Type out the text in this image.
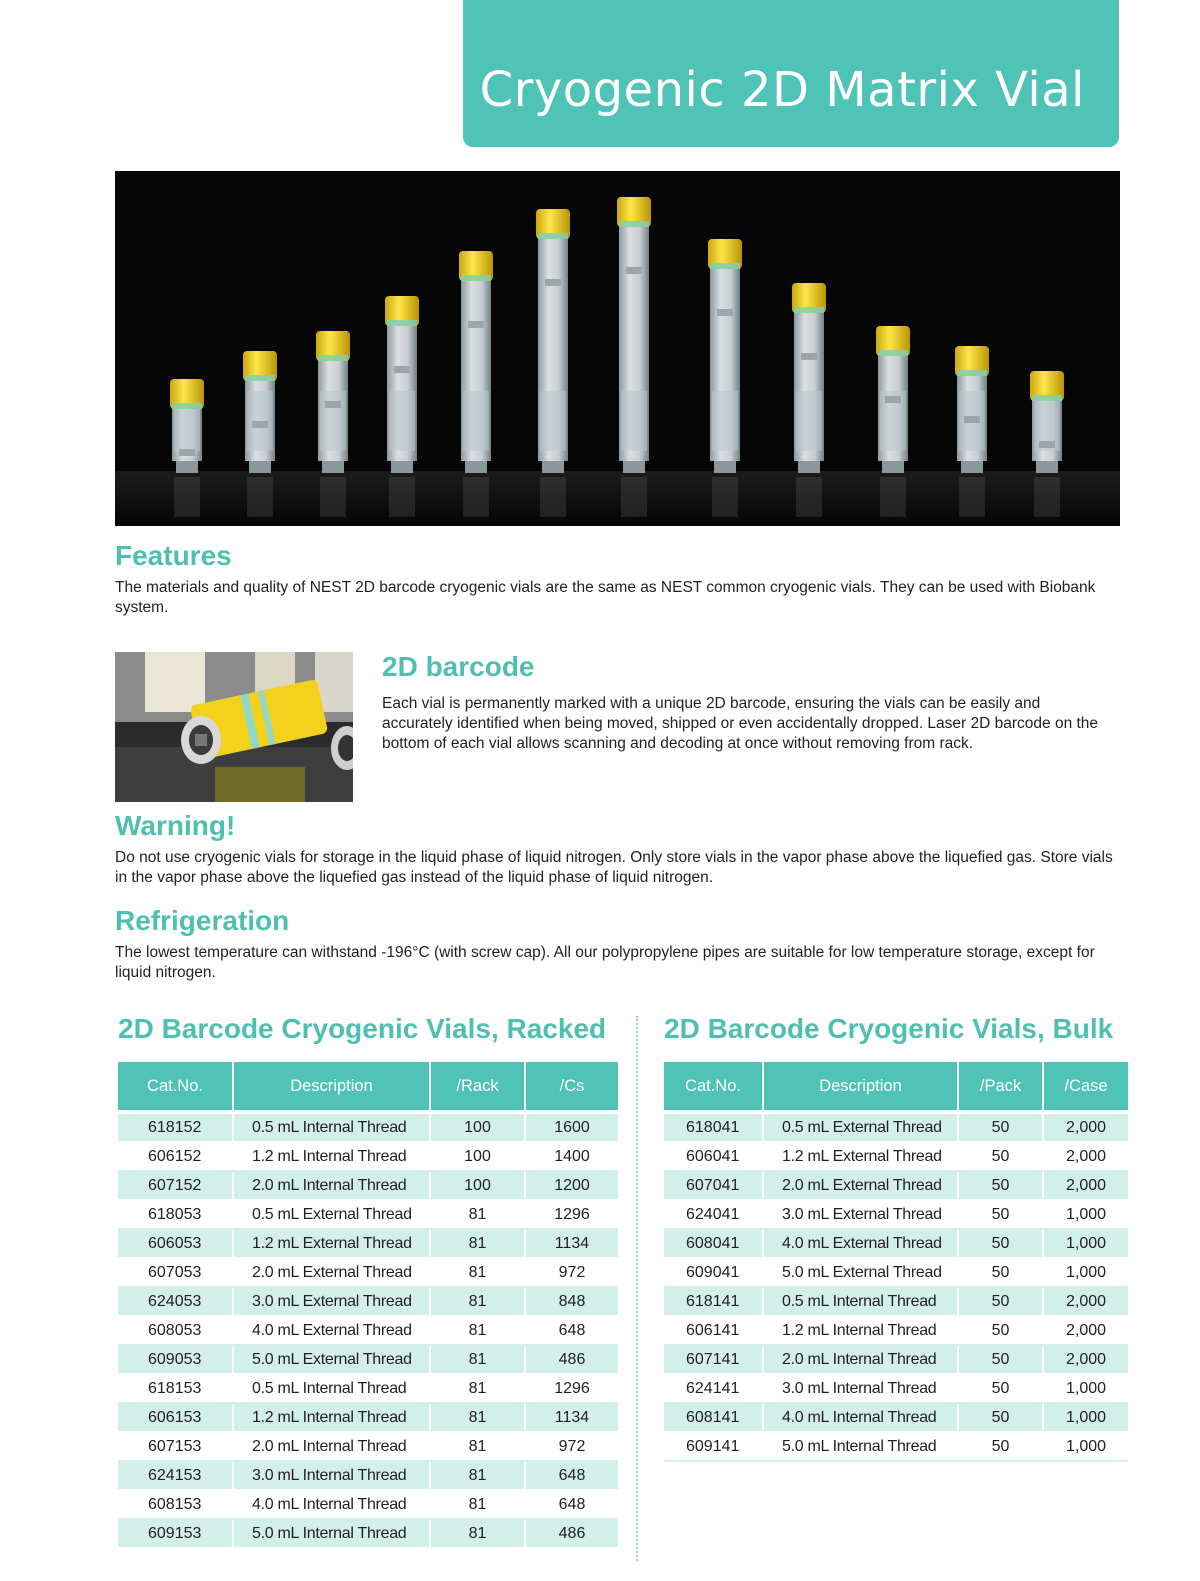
Cryogenic 2D Matrix Vial
Features

The materials and quality of NEST 2D barcode cryogenic vials are the same as NEST common cryogenic vials. They can be used with Biobank system.

2D barcode

Each vial is permanently marked with a unique 2D barcode, ensuring the vials can be easily and accurately identified when being moved, shipped or even accidentally dropped. Laser 2D barcode on the bottom of each vial allows scanning and decoding at once without removing from rack.

Warning!

Do not use cryogenic vials for storage in the liquid phase of liquid nitrogen. Only store vials in the vapor phase above the liquefied gas. Store vials in the vapor phase above the liquefied gas instead of the liquid phase of liquid nitrogen.

Refrigeration

The lowest temperature can withstand -196°C (with screw cap). All our polypropylene pipes are suitable for low temperature storage, except for liquid nitrogen.

2D Barcode Cryogenic Vials, Racked 2D Barcode Cryogenic Vials, Bulk
Cat.No.	Description	/Rack	/Cs

618152	0.5 mL Internal Thread	100	1600
606152	1.2 mL Internal Thread	100	1400
607152	2.0 mL Internal Thread	100	1200
618053	0.5 mL External Thread	81	1296
606053	1.2 mL External Thread	81	1134
607053	2.0 mL External Thread	81	972
624053	3.0 mL External Thread	81	848
608053	4.0 mL External Thread	81	648
609053	5.0 mL External Thread	81	486
618153	0.5 mL Internal Thread	81	1296
606153	1.2 mL Internal Thread	81	1134
607153	2.0 mL Internal Thread	81	972
624153	3.0 mL Internal Thread	81	648
608153	4.0 mL Internal Thread	81	648
609153	5.0 mL Internal Thread	81	486
Cat.No.	Description	/Pack	/Case

618041	0.5 mL External Thread	50	2,000
606041	1.2 mL External Thread	50	2,000
607041	2.0 mL External Thread	50	2,000
624041	3.0 mL External Thread	50	1,000
608041	4.0 mL External Thread	50	1,000
609041	5.0 mL External Thread	50	1,000
618141	0.5 mL Internal Thread	50	2,000
606141	1.2 mL Internal Thread	50	2,000
607141	2.0 mL Internal Thread	50	2,000
624141	3.0 mL Internal Thread	50	1,000
608141	4.0 mL Internal Thread	50	1,000
609141	5.0 mL Internal Thread	50	1,000
